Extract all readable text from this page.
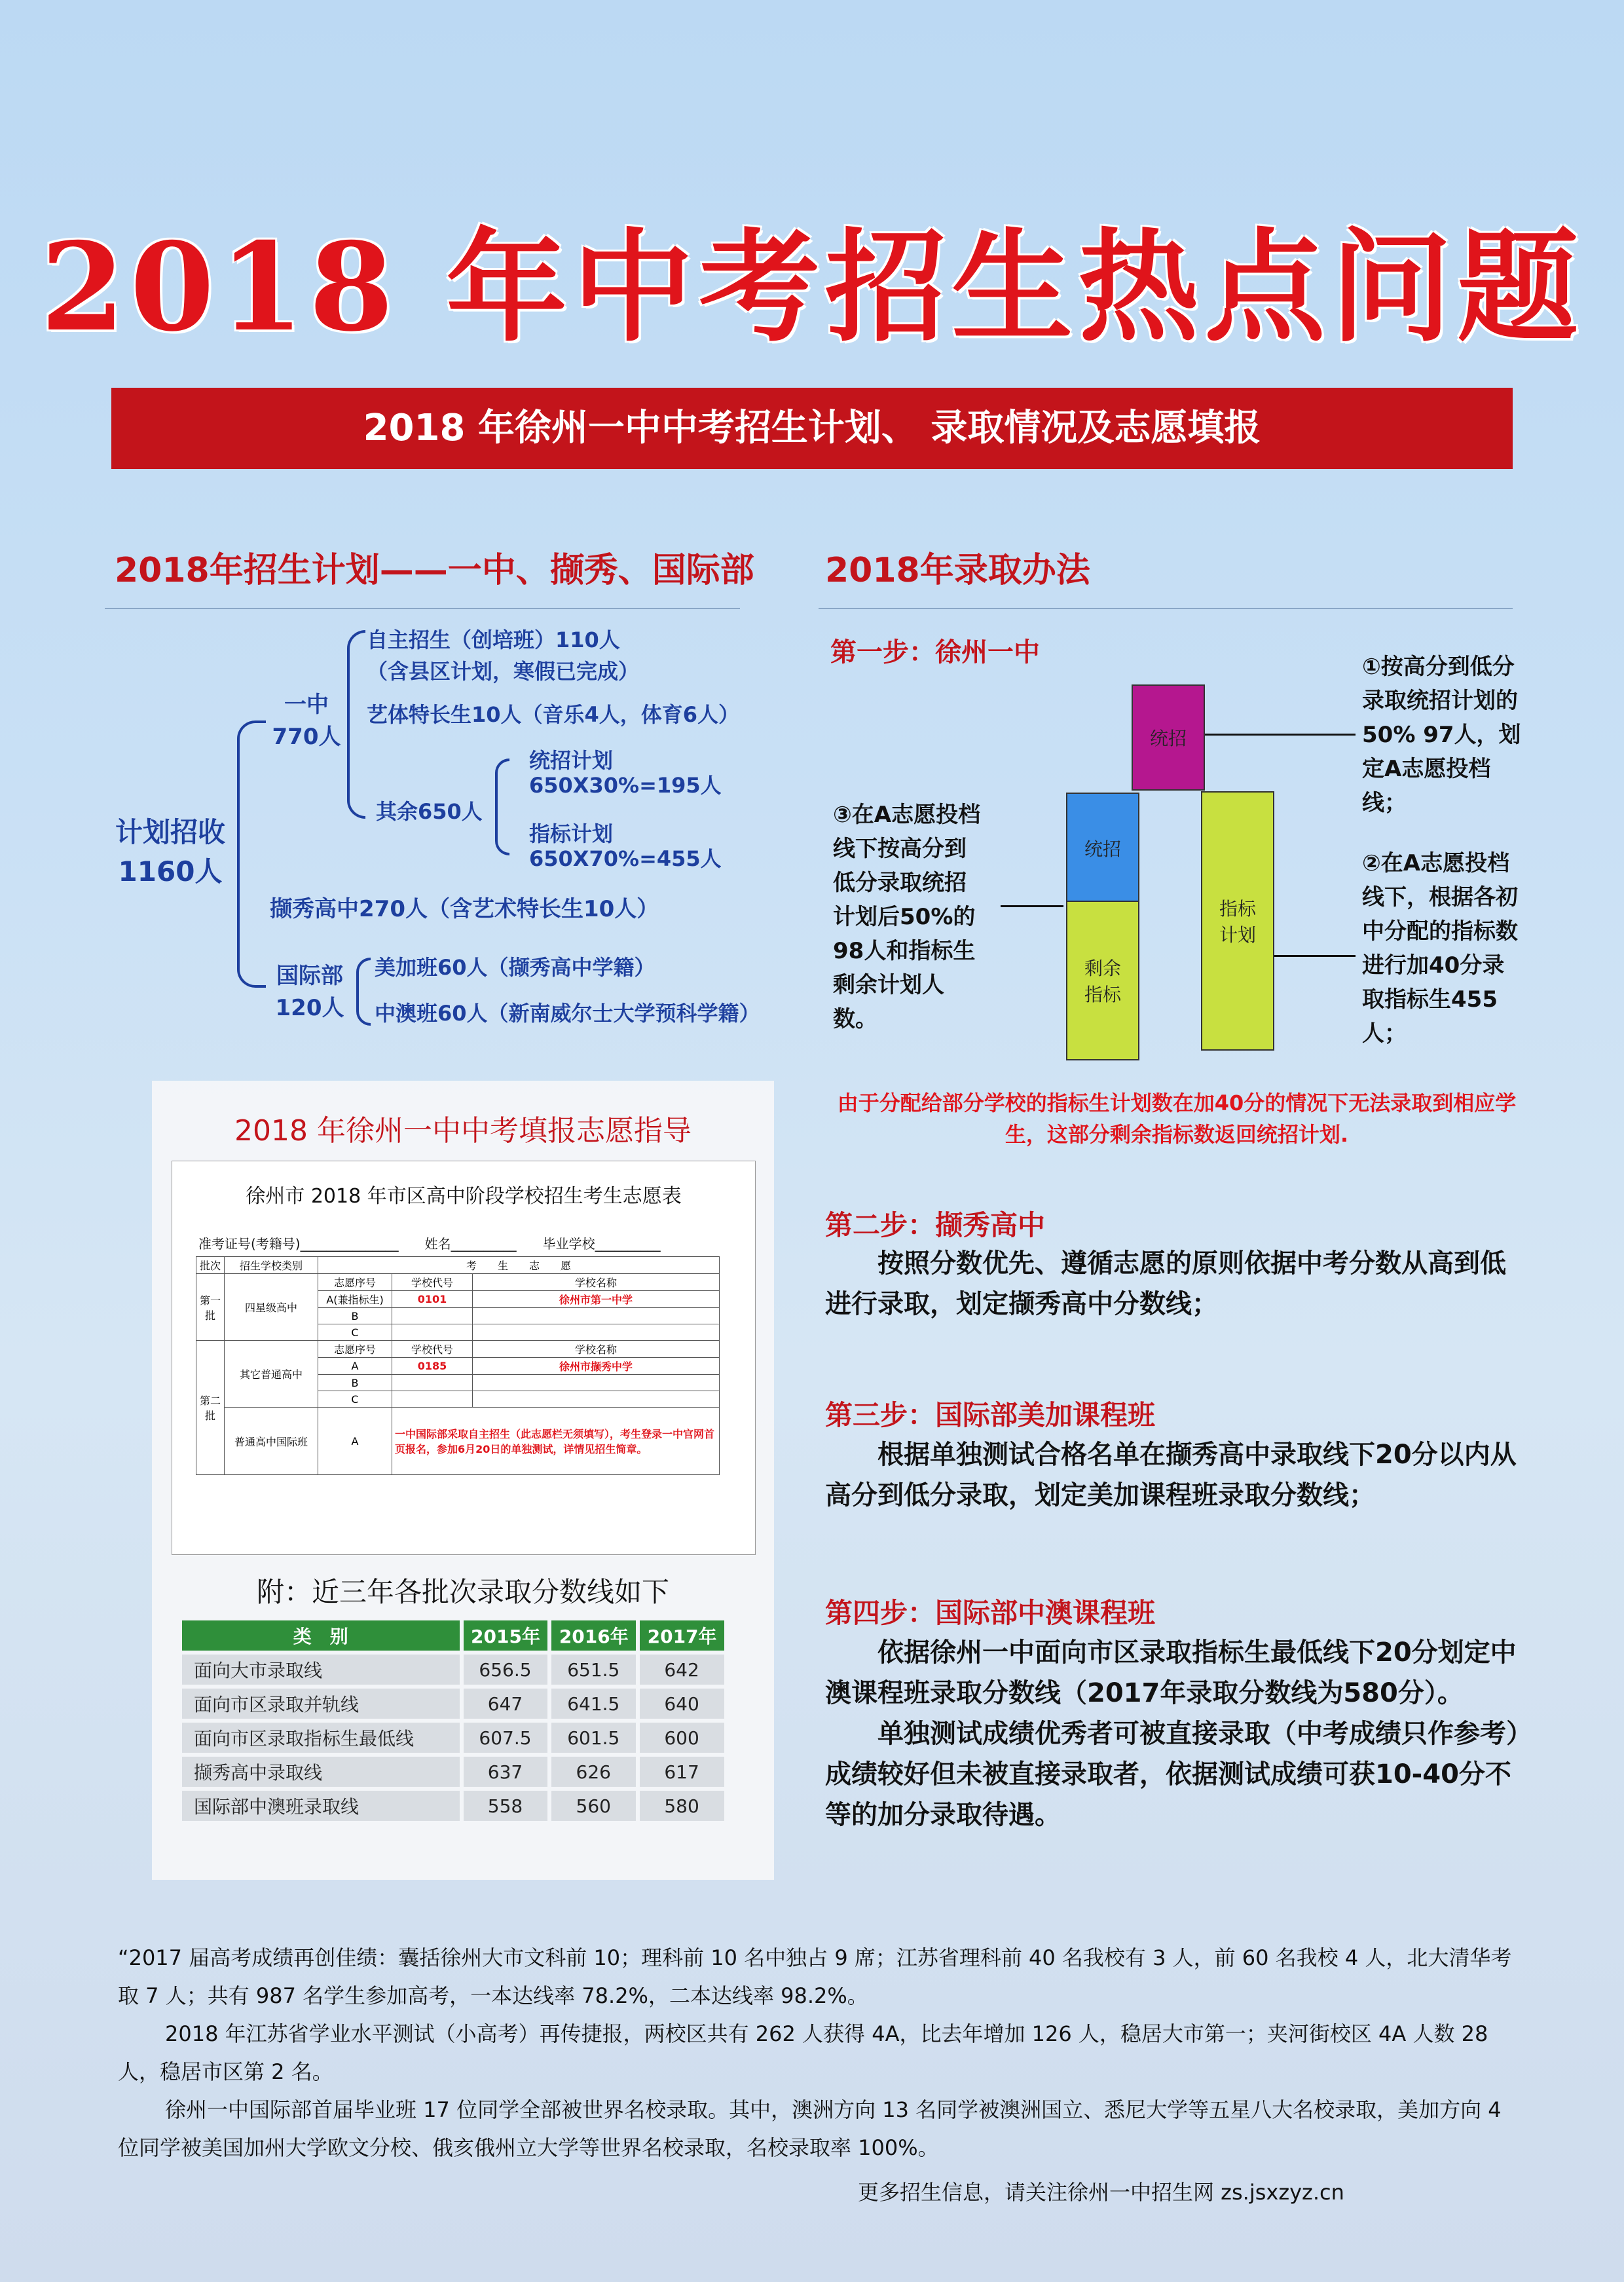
2018 年中考招生热点问题
2018 年徐州一中中考招生计划、 录取情况及志愿填报
2018年招生计划——一中、撷秀、国际部
计划招收
1160人
一中
770人
自主招生（创培班）110人
（含县区计划，寒假已完成）
艺体特长生10人（音乐4人，体育6人）
其余650人
统招计划
650X30%=195人
指标计划
650X70%=455人
撷秀高中270人（含艺术特长生10人）
国际部
120人
美加班60人（撷秀高中学籍）
中澳班60人（新南威尔士大学预科学籍）
2018年录取办法
第一步：徐州一中
统招
统招
剩余
指标
指标
计划
①按高分到低分录取统招计划的50% 97人，划定A志愿投档线；
②在A志愿投档线下，根据各初中分配的指标数进行加40分录取指标生455人；
③在A志愿投档线下按高分到低分录取统招计划后50%的98人和指标生剩余计划人数。
由于分配给部分学校的指标生计划数在加40分的情况下无法录取到相应学生，这部分剩余指标数返回统招计划.
第二步：撷秀高中
按照分数优先、遵循志愿的原则依据中考分数从高到低进行录取，划定撷秀高中分数线；
第三步：国际部美加课程班
根据单独测试合格名单在撷秀高中录取线下20分以内从高分到低分录取，划定美加课程班录取分数线；
第四步：国际部中澳课程班
依据徐州一中面向市区录取指标生最低线下20分划定中澳课程班录取分数线（2017年录取分数线为580分）。
单独测试成绩优秀者可被直接录取（中考成绩只作参考）成绩较好但未被直接录取者，依据测试成绩可获10-40分不等的加分录取待遇。
2018 年徐州一中中考填报志愿指导
徐州市 2018 年市区高中阶段学校招生考生志愿表
准考证号(考籍号)_______________ 姓名__________ 毕业学校__________
批次	招生学校类别	考　　生　　志　　愿		
第一批	四星级高中	志愿序号	学校代号	学校名称
		A(兼指标生)	0101	徐州市第一中学
		B		
		C		
第二批	其它普通高中	志愿序号	学校代号	学校名称
		A	0185	徐州市撷秀中学
		B		
		C		
	普通高中国际班	A	一中国际部采取自主招生（此志愿栏无须填写），考生登录一中官网首页报名，参加6月20日的单独测试，详情见招生简章。	
附：近三年各批次录取分数线如下
类　别	2015年	2016年	2017年
面向大市录取线	656.5	651.5	642
面向市区录取并轨线	647	641.5	640
面向市区录取指标生最低线	607.5	601.5	600
撷秀高中录取线	637	626	617
国际部中澳班录取线	558	560	580
“2017 届高考成绩再创佳绩：囊括徐州大市文科前 10；理科前 10 名中独占 9 席；江苏省理科前 40 名我校有 3 人，前 60 名我校 4 人，北大清华考取 7 人；共有 987 名学生参加高考，一本达线率 78.2%，二本达线率 98.2%。
2018 年江苏省学业水平测试（小高考）再传捷报，两校区共有 262 人获得 4A，比去年增加 126 人，稳居大市第一；夹河街校区 4A 人数 28 人，稳居市区第 2 名。
徐州一中国际部首届毕业班 17 位同学全部被世界名校录取。其中，澳洲方向 13 名同学被澳洲国立、悉尼大学等五星八大名校录取，美加方向 4 位同学被美国加州大学欧文分校、俄亥俄州立大学等世界名校录取，名校录取率 100%。
更多招生信息，请关注徐州一中招生网 zs.jsxzyz.cn
